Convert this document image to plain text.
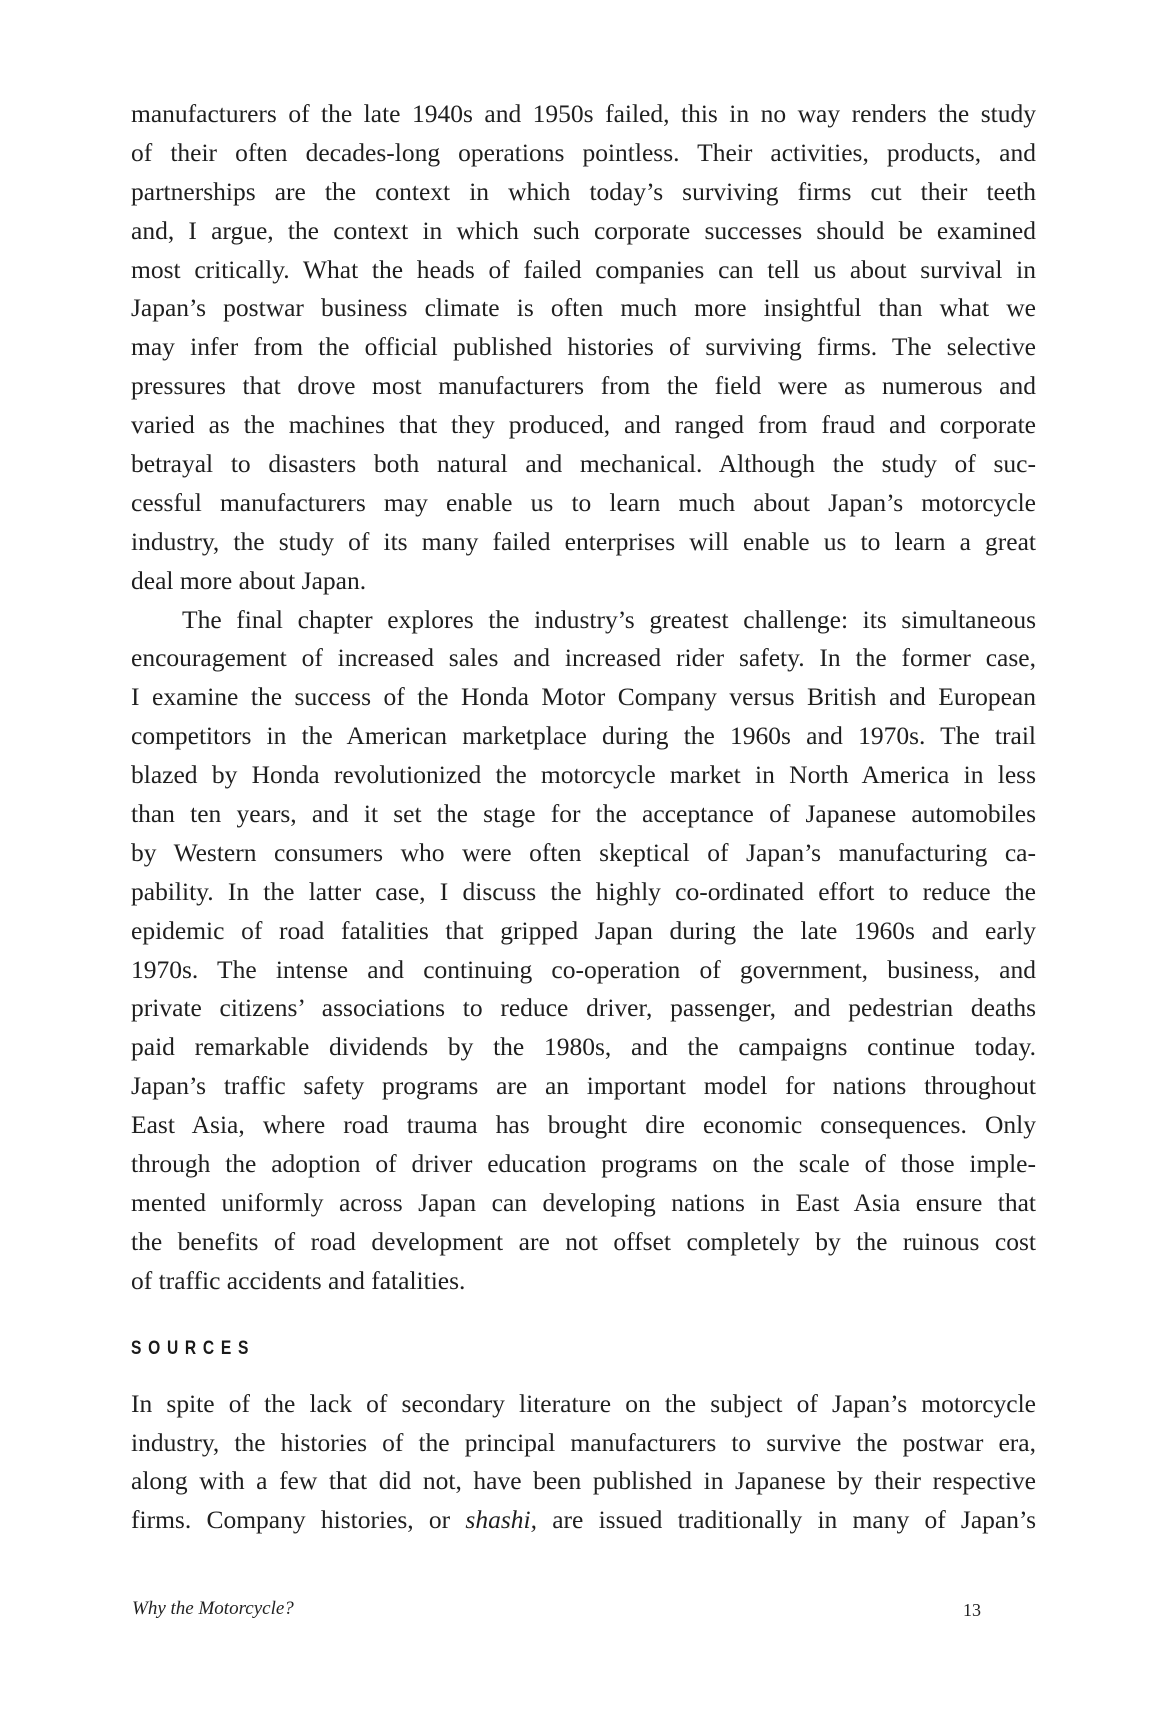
manufacturers of the late 1940s and 1950s failed, this in no way renders the study
of their often decades-long operations pointless. Their activities, products, and
partnerships are the context in which today’s surviving firms cut their teeth
and, I argue, the context in which such corporate successes should be examined
most critically. What the heads of failed companies can tell us about survival in
Japan’s postwar business climate is often much more insightful than what we
may infer from the official published histories of surviving firms. The selective
pressures that drove most manufacturers from the field were as numerous and
varied as the machines that they produced, and ranged from fraud and corporate
betrayal to disasters both natural and mechanical. Although the study of suc-
cessful manufacturers may enable us to learn much about Japan’s motorcycle
industry, the study of its many failed enterprises will enable us to learn a great
deal more about Japan.
The final chapter explores the industry’s greatest challenge: its simultaneous
encouragement of increased sales and increased rider safety. In the former case,
I examine the success of the Honda Motor Company versus British and European
competitors in the American marketplace during the 1960s and 1970s. The trail
blazed by Honda revolutionized the motorcycle market in North America in less
than ten years, and it set the stage for the acceptance of Japanese automobiles
by Western consumers who were often skeptical of Japan’s manufacturing ca-
pability. In the latter case, I discuss the highly co-ordinated effort to reduce the
epidemic of road fatalities that gripped Japan during the late 1960s and early
1970s. The intense and continuing co-operation of government, business, and
private citizens’ associations to reduce driver, passenger, and pedestrian deaths
paid remarkable dividends by the 1980s, and the campaigns continue today.
Japan’s traffic safety programs are an important model for nations throughout
East Asia, where road trauma has brought dire economic consequences. Only
through the adoption of driver education programs on the scale of those imple-
mented uniformly across Japan can developing nations in East Asia ensure that
the benefits of road development are not offset completely by the ruinous cost
of traffic accidents and fatalities.
SOURCES
In spite of the lack of secondary literature on the subject of Japan’s motorcycle
industry, the histories of the principal manufacturers to survive the postwar era,
along with a few that did not, have been published in Japanese by their respective
firms. Company histories, or shashi, are issued traditionally in many of Japan’s
Why the Motorcycle?	13
